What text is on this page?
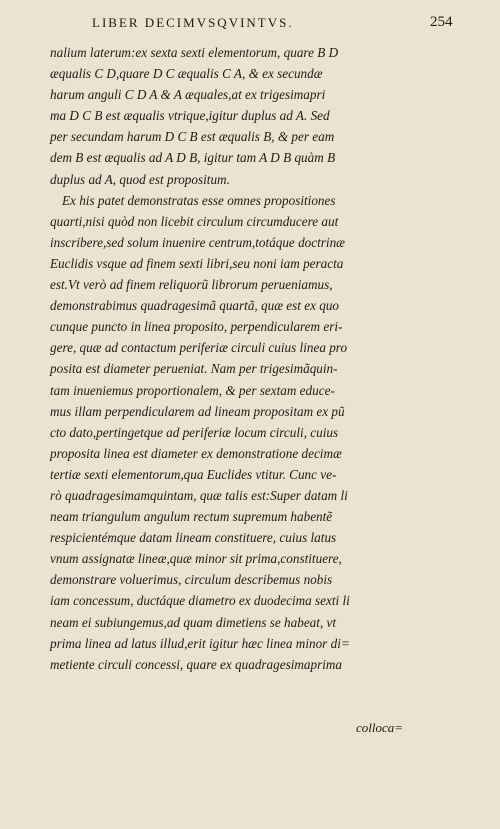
LIBER DECIMVSQVINTVS.	254
nalium laterum:ex sexta sexti elementorum, quare B D
æqualis C D,quare D C æqualis C A, & ex secundæ
harum anguli C D A & A æquales,at ex trigesimapri
ma D C B est æqualis vtrique,igitur duplus ad A. Sed
per secundam harum D C B est æqualis B, & per eam
dem B est æqualis ad A D B, igitur tam A D B quàm B
duplus ad A, quod est propositum.
Ex his patet demonstratas esse omnes propositiones
quarti,nisi quòd non licebit circulum circumducere aut
inscribere,sed solum inuenire centrum,totáque doctrinæ
Euclidis vsque ad finem sexti libri,seu noni iam peracta
est.Vt verò ad finem reliquorũ librorum perueniamus,
demonstrabimus quadragesimã quartã, quæ est ex quo
cunque puncto in linea proposito, perpendicularem eri-
gere, quæ ad contactum periferiæ circuli cuius linea pro
posita est diameter perueniat. Nam per trigesimãquin-
tam inueniemus proportionalem, & per sextam educe-
mus illam perpendicularem ad lineam propositam ex pũ
cto dato,pertingetque ad periferiæ locum circuli, cuius
proposita linea est diameter ex demonstratione decimæ
tertiæ sexti elementorum,qua Euclides vtitur. Cunc ve-
rò quadragesimamquintam, quæ talis est:Super datam li
neam triangulum angulum rectum supremum habentẽ
respicientémque datam lineam constituere, cuius latus
vnum assignatæ lineæ,quæ minor sit prima,constituere,
demonstrare voluerimus, circulum describemus nobis
iam concessum, ductáque diametro ex duodecima sexti li
neam ei subiungemus,ad quam dimetiens se habeat, vt
prima linea ad latus illud,erit igitur hæc linea minor di=
metiente circuli concessi, quare ex quadragesimaprima
colloca=
